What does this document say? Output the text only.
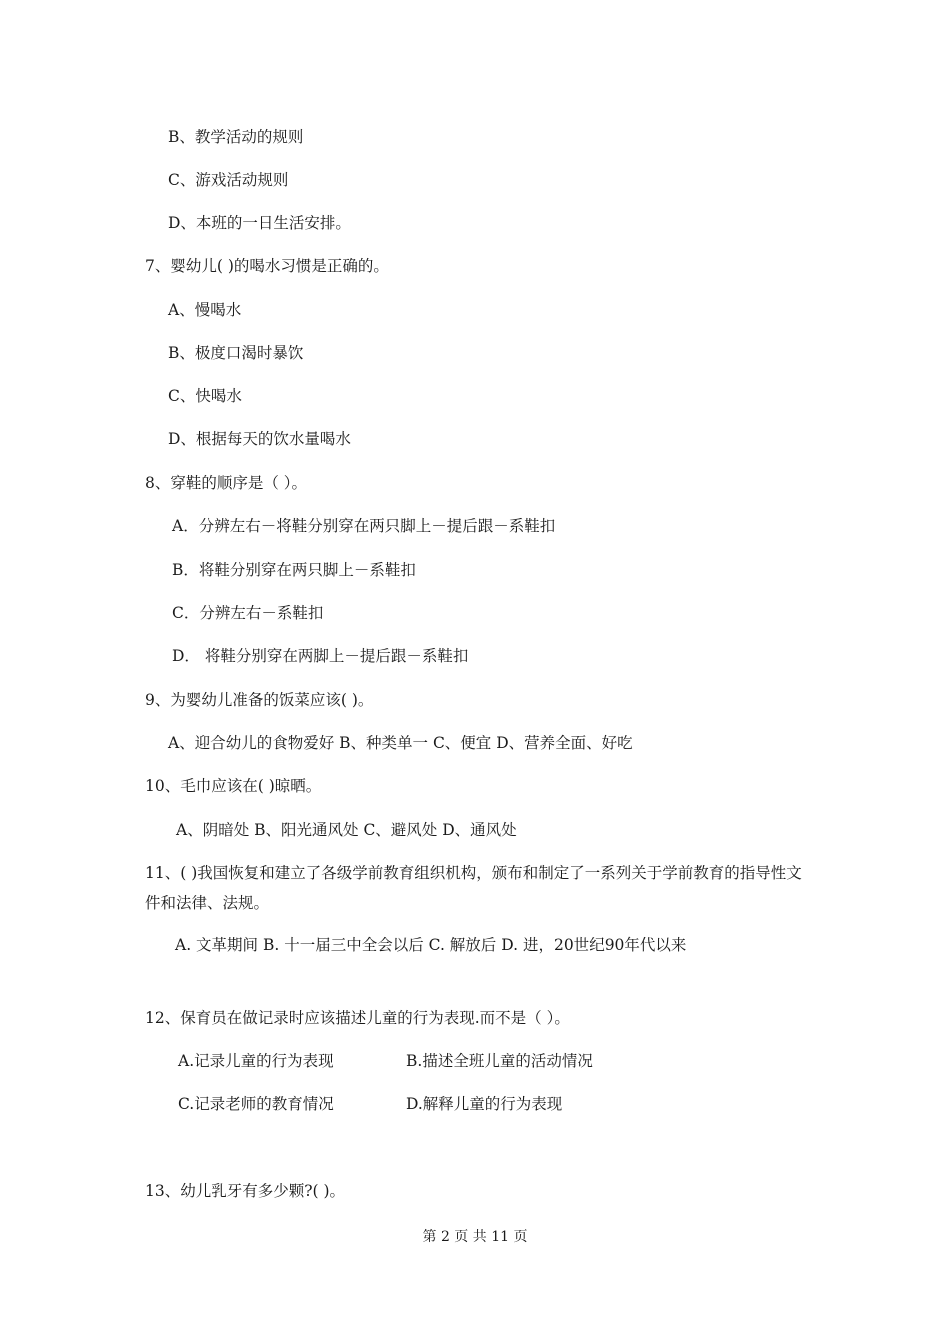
B、教学活动的规则
C、游戏活动规则
D、本班的一日生活安排。
7、婴幼儿( )的喝水习惯是正确的。
A、慢喝水
B、极度口渴时暴饮
C、快喝水
D、根据每天的饮水量喝水
8、穿鞋的顺序是（ ）。
A．分辨左右－将鞋分别穿在两只脚上－提后跟－系鞋扣
B．将鞋分别穿在两只脚上－系鞋扣
C．分辨左右－系鞋扣
D． 将鞋分别穿在两脚上－提后跟－系鞋扣
9、为婴幼儿准备的饭菜应该( )。
A、迎合幼儿的食物爱好 B、种类单一 C、便宜 D、营养全面、好吃
10、毛巾应该在( )晾晒。
A、阴暗处 B、阳光通风处 C、避风处 D、通风处
11、( )我国恢复和建立了各级学前教育组织机构，颁布和制定了一系列关于学前教育的指导性文件和法律、法规。
A. 文革期间 B. 十一届三中全会以后 C. 解放后 D. 进，20世纪90年代以来
12、保育员在做记录时应该描述儿童的行为表现.而不是（ ）。
A.记录儿童的行为表现	B.描述全班儿童的活动情况
C.记录老师的教育情况	D.解释儿童的行为表现
13、幼儿乳牙有多少颗?( )。
第 2 页 共 11 页
